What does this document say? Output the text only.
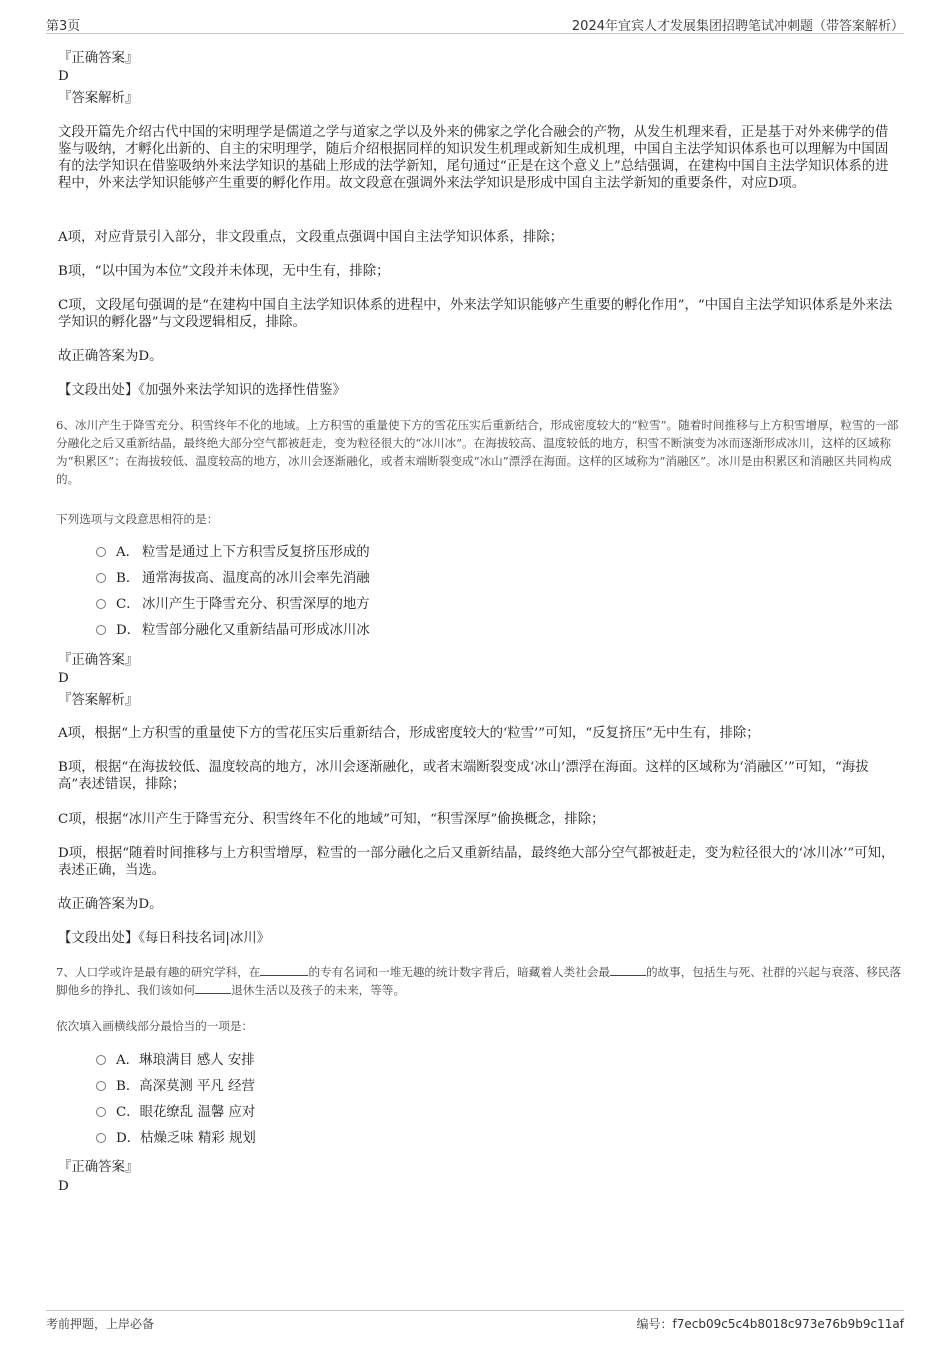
第3页	2024年宜宾人才发展集团招聘笔试冲刺题（带答案解析）
『正确答案』
D
『答案解析』
文段开篇先介绍古代中国的宋明理学是儒道之学与道家之学以及外来的佛家之学化合融会的产物，从发生机理来看，正是基于对外来佛学的借鉴与吸纳，才孵化出新的、自主的宋明理学，随后介绍根据同样的知识发生机理或新知生成机理，中国自主法学知识体系也可以理解为中国固有的法学知识在借鉴吸纳外来法学知识的基础上形成的法学新知，尾句通过“正是在这个意义上”总结强调，在建构中国自主法学知识体系的进程中，外来法学知识能够产生重要的孵化作用。故文段意在强调外来法学知识是形成中国自主法学新知的重要条件，对应D项。
A项，对应背景引入部分，非文段重点，文段重点强调中国自主法学知识体系，排除；
B项，“以中国为本位”文段并未体现，无中生有，排除；
C项，文段尾句强调的是“在建构中国自主法学知识体系的进程中，外来法学知识能够产生重要的孵化作用”，“中国自主法学知识体系是外来法学知识的孵化器”与文段逻辑相反，排除。
故正确答案为D。
【文段出处】《加强外来法学知识的选择性借鉴》
6、冰川产生于降雪充分、积雪终年不化的地域。上方积雪的重量使下方的雪花压实后重新结合，形成密度较大的“粒雪”。随着时间推移与上方积雪增厚，粒雪的一部分融化之后又重新结晶，最终绝大部分空气都被赶走，变为粒径很大的“冰川冰”。在海拔较高、温度较低的地方，积雪不断演变为冰而逐渐形成冰川，这样的区域称为“积累区”；在海拔较低、温度较高的地方，冰川会逐渐融化，或者末端断裂变成“冰山”漂浮在海面。这样的区域称为“消融区”。冰川是由积累区和消融区共同构成的。
下列选项与文段意思相符的是：
A． 粒雪是通过上下方积雪反复挤压形成的
B． 通常海拔高、温度高的冰川会率先消融
C． 冰川产生于降雪充分、积雪深厚的地方
D． 粒雪部分融化又重新结晶可形成冰川冰
『正确答案』
D
『答案解析』
A项，根据“上方积雪的重量使下方的雪花压实后重新结合，形成密度较大的‘粒雪’”可知，“反复挤压”无中生有，排除；
B项，根据“在海拔较低、温度较高的地方，冰川会逐渐融化，或者末端断裂变成‘冰山’漂浮在海面。这样的区域称为‘消融区’”可知，“海拔高”表述错误，排除；
C项，根据“冰川产生于降雪充分、积雪终年不化的地域”可知，“积雪深厚”偷换概念，排除；
D项，根据“随着时间推移与上方积雪增厚，粒雪的一部分融化之后又重新结晶，最终绝大部分空气都被赶走，变为粒径很大的‘冰川冰’”可知，表述正确，当选。
故正确答案为D。
【文段出处】《每日科技名词|冰川》
7、人口学或许是最有趣的研究学科，在	的专有名词和一堆无趣的统计数字背后，暗藏着人类社会最	的故事，包括生与死、社群的兴起与衰落、移民落脚他乡的挣扎、我们该如何	退休生活以及孩子的未来，等等。
依次填入画横线部分最恰当的一项是：
A．琳琅满目 感人 安排
B．高深莫测 平凡 经营
C．眼花缭乱 温馨 应对
D．枯燥乏味 精彩 规划
『正确答案』
D
考前押题，上岸必备	编号：f7ecb09c5c4b8018c973e76b9b9c11af
